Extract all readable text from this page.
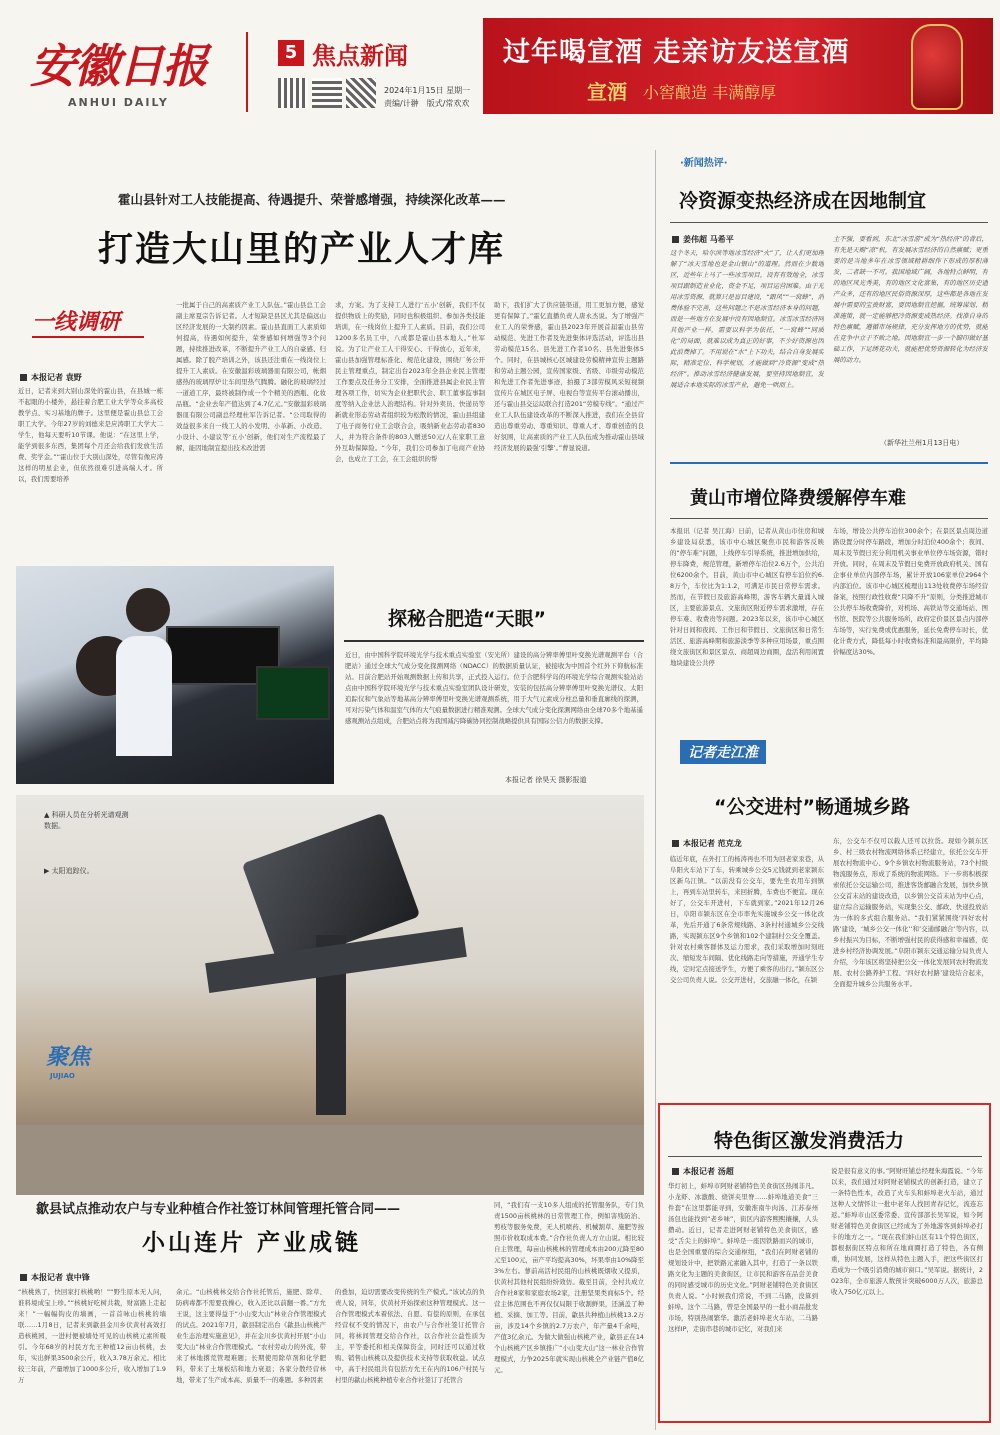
安徽日报
ANHUI DAILY
5 焦点新闻
2024年1月15日 星期一
责编/计翀　版式/常欢欢
过年喝宣酒 走亲访友送宣酒
宣酒 小窖酿造 丰满醇厚
霍山县针对工人技能提高、待遇提升、荣誉感增强，持续深化改革——
打造大山里的产业人才库
一线调研
本报记者 袁野
近日，记者来到大别山深处的霍山县，在县城一栋不起眼的小楼外，悬挂着合肥工业大学等众多高校教学点、实习基地的牌子。这里便是霍山县总工会职工大学。今年27岁的刘德来是应涛职工大学大二学生，他每天要听10节课。他说：“在这里上学，能学到很多东西，集团每个月还会给我们发放生活费、奖学金。”“霍山位于大别山深处，尽管有像应涛这样的明星企业，但依然很难引进高端人才。所以，我们需要培养
一批属于自己的高素质产业工人队伍。”霍山县总工会副主席夏宗告诉记者。人才短缺是县区尤其是偏远山区经济发展的一大制约因素。霍山县直面工人素质如何提高，待遇如何提升，荣誉感如何增强等3个问题，持续推进改革，不断提升产业工人的自豪感、归属感。除了脱产培训之外，该县还注重在一线岗位上提升工人素质。在安徽温彩玻璃器皿有限公司，帐烟感热的玻璃厚炉让车间里热气腾腾。融化的玻璃经过一道道工序，最终被制作成一个个精美的酒瓶、化妆品瓶。“企业去年产值达到了4.7亿元。”安徽温彩玻璃器皿有限公司副总经理杜军告诉记者。“公司取得的效益很多来自一线工人的小发明、小革新、小改造、小设计、小建议等‘五小’创新，他们对生产流程最了解，能因地制宜提出技术改进需
求，方案。为了支持工人进行‘五小’创新，我们不仅提供物质上的奖励，同时也积极组织、参加各类技能培训，在一线岗位上提升工人素质。目前，我们公司1200多名员工中，八成都是霍山县本地人。”杜军说。为了让产业工人干得安心、干得放心，近年来，霍山县加强管理标准化、规范化建设，围绕厂务公开民主管理重点，制定出台2023年全县企业民主管理工作要点及任务分工安排，全面推进县属企业民主管理各项工作，切实为企业把职代会、职工董事监事制度等纳入企业法人治理结构。针对外卖员、快递员等新就业形态劳动者组织较为松散的情况，霍山县组建了电子商务行业工会联合会，吸纳新业态劳动者830人，并为符合条件的803人赠送50元/人在家职工意外互助保障险。“今年，我们公司参加了电商产业协会，也成立了工会，在工会组织的帮
助下，我们扩大了供应链渠道，用工更加方便，感觉更有保障了。”霍亿直播负责人唐永杰说。为了增强产业工人的荣誉感，霍山县2023年开展首届霍山县劳动模范、先进工作者及先进集体评选活动，评选出县劳动模范15名、县先进工作者10名、县先进集体5个。同时，在县城核心区城建设劳模精神宣传主题路和劳动主题公园，宣传国家级、省级、市级劳动模范和先进工作者先进事迹，拍摄了3部劳模风采短视频宣传片在城区电子屏、电视台等宣传平台滚动播出，还与霍山县交运局联合打造201“劳模专线”。“通过产业工人队伍建设改革的不断深入推进，我们在全县营造出尊重劳动、尊重知识、尊重人才、尊重创造的良好氛围，让高素质的产业工人队伍成为推动霍山县域经济发展的最强‘引擎’。”曹显说道。
探秘合肥造“天眼”
近日，由中国科学院环境光学与技术重点实验室（安光所）建设的高分辨率傅里叶变换光谱观测平台（合肥站）通过全球大气成分变化探测网络（NDACC）的数据质量认证，被接收为中国首个红外下仰航标准站。目前合肥站开始观测数据上传和共享，正式投入运行。位于合肥科学岛的环境光学综合观测实验站站点由中国科学院环境光学与技术重点实验室团队设计研发，安装的包括高分辨率傅里叶变换光谱仪、太阳追踪仪和气象站等地基高分辨率傅里叶变换光谱观测系统，用于大气元素成分柱总量和垂直廓线的探测，可对污染气体和温室气体的大气痕量数据进行精准观测。全球大气成分变化探测网络由全球70多个地基遥感观测站点组成，合肥站点将为我国减污降碳协同控制战略提供具有国际公信力的数据支撑。
本报记者 徐昊天 摄影报道
▲ 科研人员在分析光谱观测数据。
▶ 太阳追踪仪。
聚焦
JUJIAO
歙县试点推动农户与专业种植合作社签订林间管理托管合同——
小山连片 产业成链
本报记者 袁中锋
“核桃熟了，快回家打核桃哟！”“野生原本无人问，谁料境成宝上珍。”“核桃好吃树共栽，财富路上走起来！”一幅幅钩皮的墙画，一首首咏山核桃的墙联……1月8日，记者来到歙县金川乡伏黄村高效打造核桃园，一进村便被墙处可见的山核桃元素所吸引。今年68岁的村民方允王种植12亩山核桃，去年，实出鲜果3500余公斤，收入3.78万余元。相比较三年前，产量增加了1000多公斤，收入增加了1.9万
余元。“山核桃林交给合作社托管后，施肥、除草、防病毒都不需要我操心，收入还比以前翻一番。”方允王说，这主要得益于“小山变大山”林业合作管理模式的试点。2021年7月，歙县制定出台《歙县山核桃产业生态治理实施意见》，并在金川乡伏黄村开展“小山变大山”林业合作管理模式。“农村劳动力的外流，带来了林地撂荒管理难题；长期使用除草剂和化学肥料，带来了土壤板结和地力衰退；各家分散经营林地，带来了生产成本高、质量不一的难题。多种因素
的叠加，迫切需要改变传统的生产模式。”该试点的负责人说，同年，伏黄村开始探索这种管理模式。这一合作管理模式本着依法、自愿、有偿的原则，在承包经营权不变的情况下，由农户与合作社签订托管合同，将林间管理交给合作社，以合作社公益性质为主，平等委托和相关保障资金，同时还可以通过收购、销售山核桃以及提供技术支持等获取收益。试点中，高于村民组共有包括方允王在内的106户村民与村里的歙山核桃种植专业合作社签订了托管合
同，“我们有一支10多人组成的托管服务队，专门负责1500亩核桃林的日常管理工作，例如害残防治、剪枝等服务免费，无人机喷药、机械割草、施肥等按照市价收取成本费。”合作社负责人方立山说。相比较自主管理，每亩山核桃林的管理成本由200元降至80元至100元，亩产平均提高30%，坏果率由10%降至3%左右。蓼前高活村民组的山核桃既烟收又提质，伏黄村其他村民组纷纷效仿。截至目前，全村共成立合作社8家和家庭农场2家，注册坚果类商标5个。经营主体范围也不再仅仅局限于收割鲜果，还涵盖了种植、采摘、加工等。目前，歙县共种植山核桃13.2万亩，涉及14个乡镇的2.7万农户，年产量4千余吨，产值3亿余元。为做大做强山核桃产业，歙县正在14个山核桃产区乡镇推广“小山变大山”这一林业合作管理模式，力争2025年就实现山核桃全产业链产值8亿元。
·新闻热评·
冷资源变热经济成在因地制宜
姜伟超 马希平
这个冬天，哈尔滨等地冰雪经济“火”了，让人们更加理解了“冰天雪地也是金山银山”的道理。然而在少数地区，近些年上马了一些冰雪项目，设有有效地全，冰雪项目跟制造业业化，资金不足，项目运营困难。由于光用冰雪资源，就算只是盲目建设，“跟风”“一窝蜂”，消费体验不完善，这些问题之不是冰雪经济本身的问题，而是一些地方在发展中没有因地制宜。冰雪冰雪经济同其他产业一样，需要以科学为依托，“一窝蜂”“同质化”的局面，就难以成为真正的好事，不少好资源也因此浪费掉了。不用说在“水”上下功夫，结合自身发展实际，精准定位、科学规划，才能做到“冷资源”变成“热经济”。推动冰雪经济健康发展，要坚持因地制宜，发展适合本地实际的冰雪产业，避免一哄而上。
主不强，要看到，东北“冰雪游”成为“热经济”的背后，有先是天赐“凉”机，有发展冰雪经济的自然禀赋；更重要的是当地多年在冰雪领域精耕细作下形成的厚积薄发，二者缺一不可。我国地域广阔，各地特点鲜明，有的地区风光秀美，有的地区文化富集，有的地区历史遗产众多，还有的地区民俗资源深厚，这些都是各地在发展中需要的宝贵财富，要因地制宜挖掘，统筹谋划、精准施策，就一定能够把冷资源变成热经济。找准自身的特色禀赋，遵循市场规律，充分发挥地方的优势，就能在竞争中立于不败之地。因地制宜一步一个脚印做好基础工作，下足绣花功夫，就能把优势资源转化为经济发展的动力。
（新华社兰州1月13日电）
黄山市增位降费缓解停车难
本报讯（记者 吴江海）日前，记者从黄山市住房和城乡建设局获悉，该市中心城区聚焦市民和游客反映的“停车难”问题，上线停车引导系统，推进增加供给，停车降费，规范管理，新增停车泊位2.6万个，公共泊位6200余个。目前，黄山市中心城区有停车泊位约6.8万个，车位比为1:1.2，可满足市民日常停车需求。然而，在节假日及旅游高峰期，游客车辆大量涌入城区，主要旅游景点、文旅街区附近停车需求激增，存在停车难、收费贵等问题。2023年以来，该市中心城区针对日间和夜间、工作日和节假日、文旅街区和日常生活区、旅游高峰期和旅游淡季等多种应用场景，重点围绕文旅街区和景区景点、商超周边商圈，盘活利用闲置地块建设公共停
车场，增设公共停车泊位300余个；在景区景点周边道路设置分时停车路段，增加分时泊位400余个；夜间、周末及节假日充分利用机关事业单位停车场资源，错时开放。同时，在周末及节假日免费开放政府机关、国有企事业单位内部停车场，累计开放106家单位2964个内部泊位。该市中心城区梳理出113处收费停车场经营备案，按照行政性收费“只降不升”原则，分类推进城市公共停车场收费降价，对机场、高铁站等交通场站、图书馆、医院等公共服务场所，政府定价景区景点内部停车场等，实行免费或优惠服务，延长免费停车时长，优化计费方式，降低每小时收费标准和最高限价，平均降价幅度达30%。
记者走江淮
“公交进村”畅通城乡路
本报记者 范克龙
临近年底，在外打工的杨涛再也不用为回老家汞巷，从阜阳火车站下了车，转乘城乡公交5元钱就到老家颍东区新乌江镇。“以前没有公交车，要先坐农用车到镇上，再到车站里转车，来回折腾，车费也不便宜。现在好了，公交车开进村，下车就到家。”2021年12月26日，阜阳市颍东区在全市率先实施城乡公交一体化改革，先后开通了6条常规线路、3条村村通城乡公交线路，实现颍东区9个乡镇和102个建制村公交全覆盖。针对农村乘客群体及运力需求，我们采取增加时刻班次、缩短发车间隔、优化线路走向等措施，开通学生专线，定时定点接送学生，方便了乘客的出行。”颍东区公交公司负责人说。公交开进村，交旅融一体化，在颍
东，公交车不仅可以载人还可以拉货。现如今颍东区乡、村三级农村物流网络体系已经建立，依托公交车开展农村物流中心、9个乡镇农村物流服务站，73个村级物流服务点，形成了系统的物流网络。下一步将积极探索依托公交运输公司，推进客货邮融合发展，加快乡镇公交首末站的建设改造，以乡镇公交首末站为中心点，建立综合运输服务站，实现集公交、邮政、快递投放站为一体的多式组合服务站。“我们紧紧围绕‘四好农村路’建设，‘城乡公交一体化’‘和’交通邮融合’等内容，以乡村振兴为目标，不断增强村民的获得感和幸福感，促进乡村经济协调发展。”阜阳市颍东交通运输分局负责人介绍，今年该区将坚持把公交一体化发展同农村物流发展、农村公路养护工程、‘四好农村路’建设结合起来，全面提升城乡公共服务水平。
特色街区激发消费活力
本报记者 汤超
华灯初上，蚌埠市阿财老铺特色美食街区热闹非凡。小龙虾、冰激酸、烧饼夹里脊……蚌埠地道美食“三件套”在这里都能寻到，安徽淮南牛肉汤、江苏泰州汤包也能找到“老乡味”，街区内游客熙熙攘攘，人头攒动。近日，记者走进阿财老铺特色美食街区，感受“舌尖上的蚌埠”。蚌埠是一座因铁路而兴的城市，也是全国重要的综合交通枢纽，“我们在阿财老铺的规划设计中，把铁路元素融入其中，打造了一条以铁路文化为主题的美食街区，让市民和游客在品尝美食的同时感受城市的历史文化。”阿财老铺特色美食街区负责人说。“小时候我们常说，不到二马路，没算到蚌埠。这个二马路，曾是全国最早的一批小商品批发市场，特别热闹繁华。激活老蚌埠老火车站，二马路这样IP，走街串巷的城市记忆，对我们来
说是很有意义的事。”阿财旺铺总经理朱海霞说。“今年以来，我们通过对阿财老铺模式的创新打造，建立了一条特色性本，改造了火车头和蚌埠老火车站，通过这种人文情怀让一批中老年人找回青春记忆，流连忘返。”蚌埠市山区委常委、宣传部部长吴军说，如今阿财老铺特色美食街区已经成为了外地游客到蚌埠必打卡的地方之一。“现在我们蚌山区有11个特色街区，都根据街区特点和所在地商圈打造了特色，各有侧重，协同发展，这样从特色主题入手，把这些街区打造成为一个吸引消费的城市窗口。”吴军说。据统计，2023年，全市旅游人数预计突破6000万人次，旅游总收入750亿元以上。
